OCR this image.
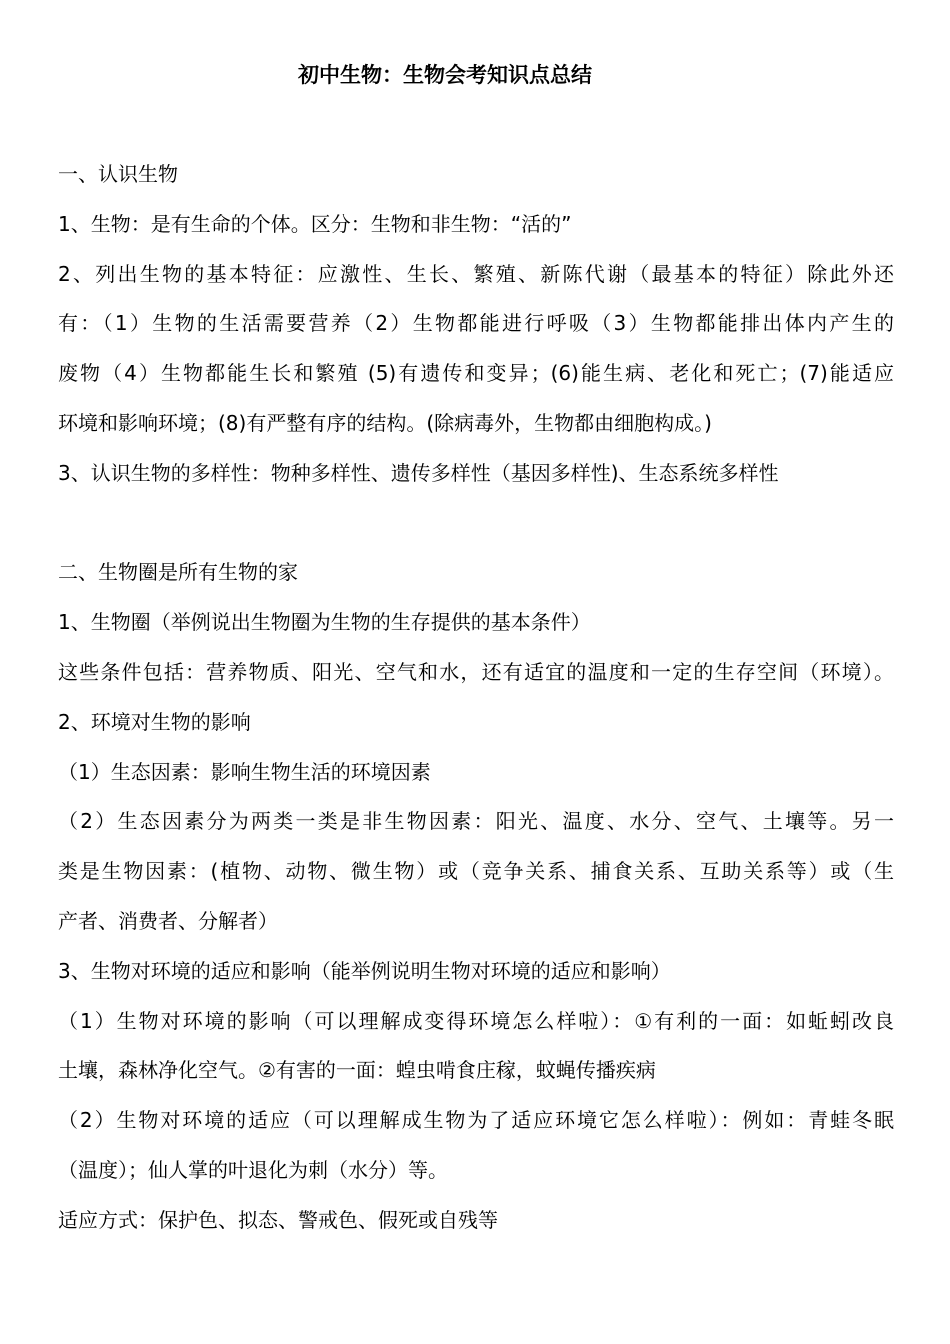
初中生物：生物会考知识点总结
一、认识生物
1、生物：是有生命的个体。区分：生物和非生物：“活的”
2、列出生物的基本特征：应激性、生长、繁殖、新陈代谢（最基本的特征）除此外还
有：（1）生物的生活需要营养（2）生物都能进行呼吸（3）生物都能排出体内产生的
废物（4）生物都能生长和繁殖 (5)有遗传和变异；(6)能生病、老化和死亡；(7)能适应
环境和影响环境；(8)有严整有序的结构。(除病毒外，生物都由细胞构成。)
3、认识生物的多样性：物种多样性、遗传多样性（基因多样性)、生态系统多样性
二、生物圈是所有生物的家
1、生物圈（举例说出生物圈为生物的生存提供的基本条件）
这些条件包括：营养物质、阳光、空气和水，还有适宜的温度和一定的生存空间（环境）。
2、环境对生物的影响
（1）生态因素：影响生物生活的环境因素
（2）生态因素分为两类一类是非生物因素：阳光、温度、水分、空气、土壤等。另一
类是生物因素：(植物、动物、微生物）或（竞争关系、捕食关系、互助关系等）或（生
产者、消费者、分解者）
3、生物对环境的适应和影响（能举例说明生物对环境的适应和影响）
（1）生物对环境的影响（可以理解成变得环境怎么样啦）：①有利的一面：如蚯蚓改良
土壤，森林净化空气。②有害的一面：蝗虫啃食庄稼，蚊蝇传播疾病
（2）生物对环境的适应（可以理解成生物为了适应环境它怎么样啦）：例如：青蛙冬眠
（温度）；仙人掌的叶退化为刺（水分）等。
适应方式：保护色、拟态、警戒色、假死或自残等
